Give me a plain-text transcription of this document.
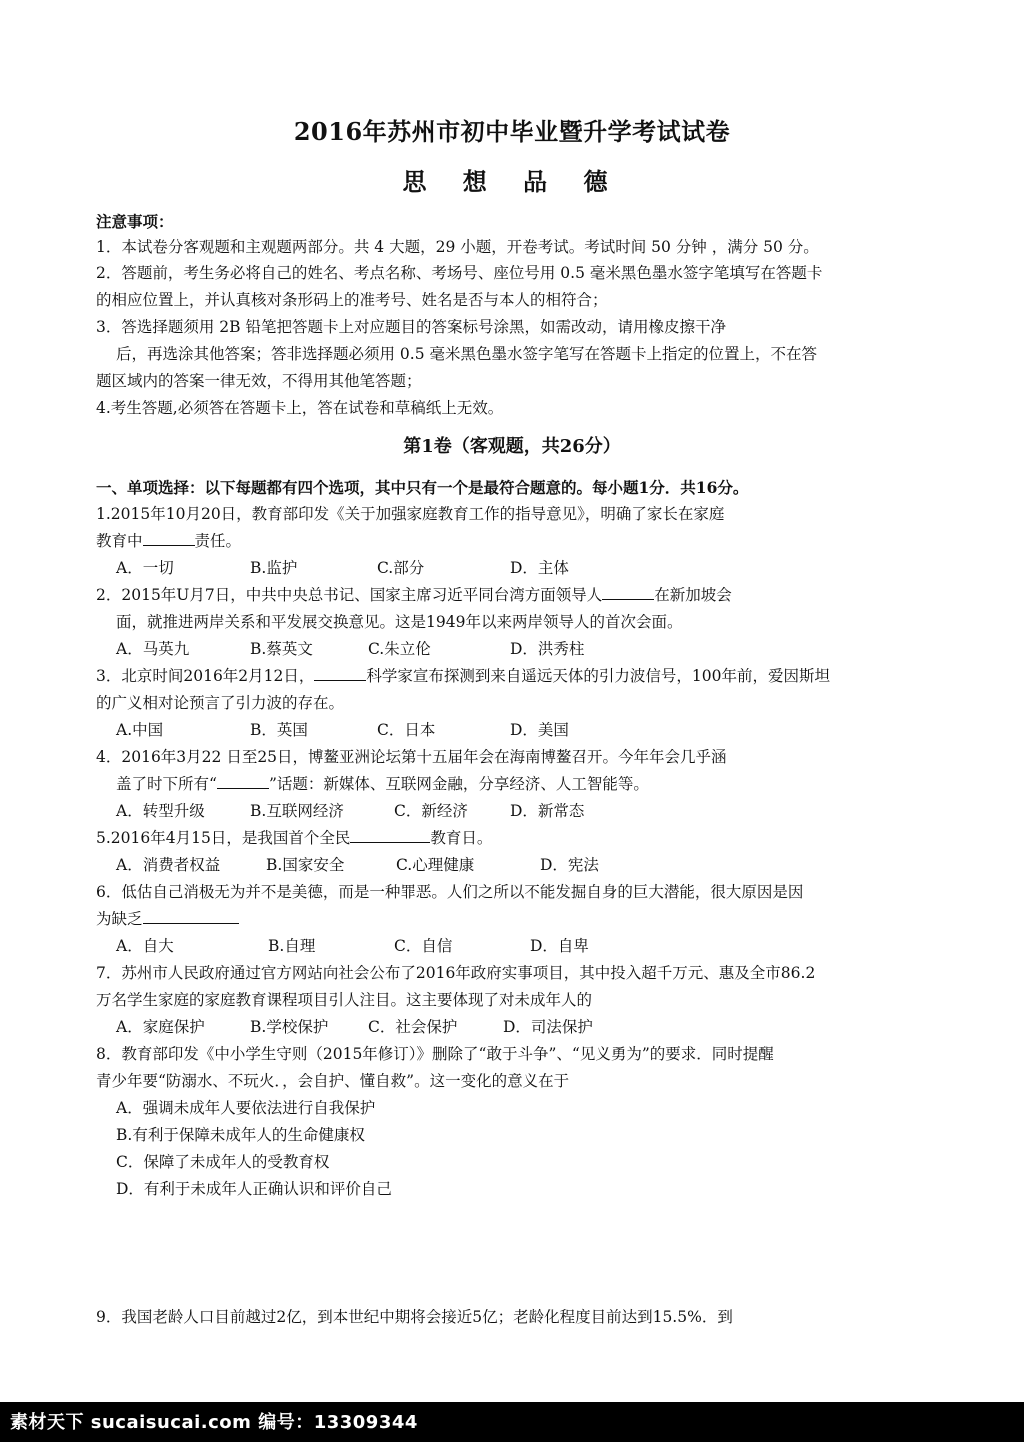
2016年苏州市初中毕业暨升学考试试卷
思 想 品 德
注意事项：
1．本试卷分客观题和主观题两部分。共 4 大题，29 小题，开卷考试。考试时间 50 分钟 ，满分 50 分。
2．答题前，考生务必将自己的姓名、考点名称、考场号、座位号用 0.5 毫米黑色墨水签字笔填写在答题卡
的相应位置上，并认真核对条形码上的准考号、姓名是否与本人的相符合；
3．答选择题须用 2B 铅笔把答题卡上对应题目的答案标号涂黑，如需改动，请用橡皮擦干净
后，再选涂其他答案；答非选择题必须用 0.5 毫米黑色墨水签字笔写在答题卡上指定的位置上，不在答
题区域内的答案一律无效，不得用其他笔答题；
4.考生答题,必须答在答题卡上，答在试卷和草稿纸上无效。
第1卷（客观题，共26分）
一、单项选择：以下每题都有四个选项，其中只有一个是最符合题意的。每小题1分．共16分。
1.2015年10月20日，教育部印发《关于加强家庭教育工作的指导意见》，明确了家长在家庭
教育中	责任。
A．一切	B.监护	C.部分	D．主体
2．2015年U月7日，中共中央总书记、国家主席习近平同台湾方面领导人	在新加坡会
面，就推进两岸关系和平发展交换意见。这是1949年以来两岸领导人的首次会面。
A．马英九	B.蔡英文	C.朱立伦	D．洪秀柱
3．北京时间2016年2月12日，	科学家宣布探测到来自遥远天体的引力波信号，100年前，爱因斯坦
的广义相对论预言了引力波的存在。
A.中国	B．英国	C．日本	D．美国
4．2016年3月22 日至25日，博鳌亚洲论坛第十五届年会在海南博鳌召开。今年年会几乎涵
盖了时下所有“	”话题：新媒体、互联网金融，分享经济、人工智能等。
A．转型升级	B.互联网经济	C．新经济	D．新常态
5.2016年4月15日，是我国首个全民	教育日。
A．消费者权益	B.国家安全	C.心理健康	D．宪法
6．低估自己消极无为并不是美德，而是一种罪恶。人们之所以不能发掘自身的巨大潜能，很大原因是因
为缺乏
A．自大	B.自理	C．自信	D．自卑
7．苏州市人民政府通过官方网站向社会公布了2016年政府实事项目，其中投入超千万元、惠及全市86.2
万名学生家庭的家庭教育课程项目引人注目。这主要体现了对未成年人的
A．家庭保护	B.学校保护	C．社会保护	D．司法保护
8．教育部印发《中小学生守则（2015年修订）》删除了“敢于斗争”、“见义勇为”的要求．同时提醒
青少年要“防溺水、不玩火．，会自护、懂自救”。这一变化的意义在于
A．强调未成年人要依法进行自我保护
B.有利于保障未成年人的生命健康权
C．保障了未成年人的受教育权
D．有利于未成年人正确认识和评价自己
9．我国老龄人口目前越过2亿，到本世纪中期将会接近5亿；老龄化程度目前达到15.5%．到
素材天下 sucaisucai.com 编号：13309344
